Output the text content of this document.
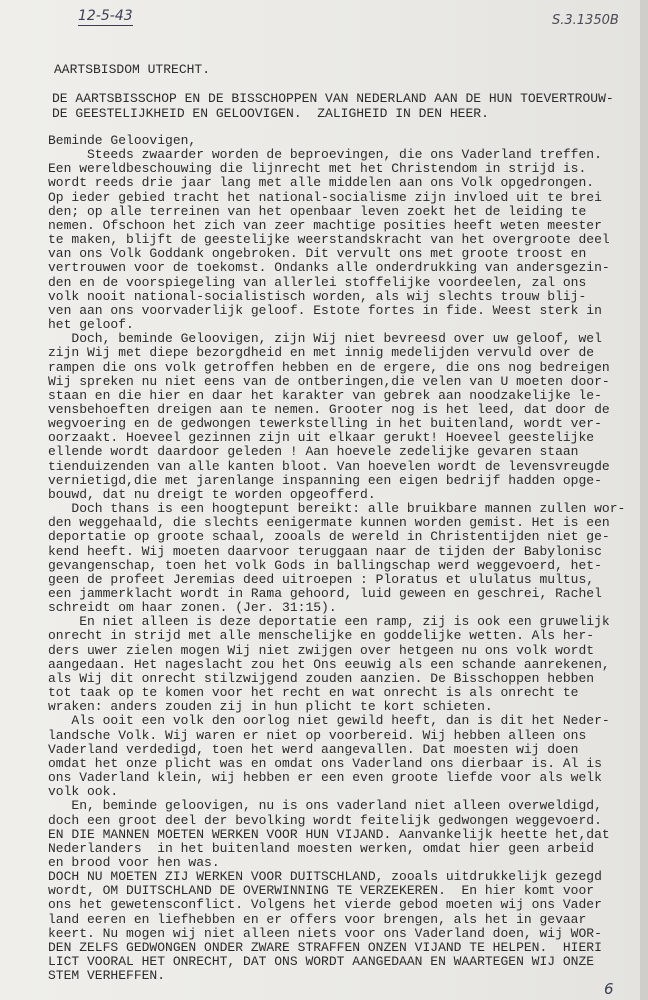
12-5-43	S.3.1350B
AARTSBISDOM UTRECHT.
DE AARTSBISSCHOP EN DE BISSCHOPPEN VAN NEDERLAND AAN DE HUN TOEVERTROUW-
DE GEESTELIJKHEID EN GELOOVIGEN.  ZALIGHEID IN DEN HEER.
Beminde Geloovigen,
Steeds zwaarder worden de beproevingen, die ons Vaderland treffen.
Een wereldbeschouwing die lijnrecht met het Christendom in strijd is.
wordt reeds drie jaar lang met alle middelen aan ons Volk opgedrongen.
Op ieder gebied tracht het national-socialisme zijn invloed uit te brei
den; op alle terreinen van het openbaar leven zoekt het de leiding te
nemen. Ofschoon het zich van zeer machtige posities heeft weten meester
te maken, blijft de geestelijke weerstandskracht van het overgroote deel
van ons Volk Goddank ongebroken. Dit vervult ons met groote troost en
vertrouwen voor de toekomst. Ondanks alle onderdrukking van andersgezin-
den en de voorspiegeling van allerlei stoffelijke voordeelen, zal ons
volk nooit national-socialistisch worden, als wij slechts trouw blij-
ven aan ons voorvaderlijk geloof. Estote fortes in fide. Weest sterk in
het geloof.
Doch, beminde Geloovigen, zijn Wij niet bevreesd over uw geloof, wel
zijn Wij met diepe bezorgdheid en met innig medelijden vervuld over de
rampen die ons volk getroffen hebben en de ergere, die ons nog bedreigen
Wij spreken nu niet eens van de ontberingen,die velen van U moeten door-
staan en die hier en daar het karakter van gebrek aan noodzakelijke le-
vensbehoeften dreigen aan te nemen. Grooter nog is het leed, dat door de
wegvoering en de gedwongen tewerkstelling in het buitenland, wordt ver-
oorzaakt. Hoeveel gezinnen zijn uit elkaar gerukt! Hoeveel geestelijke
ellende wordt daardoor geleden ! Aan hoevele zedelijke gevaren staan
tienduizenden van alle kanten bloot. Van hoevelen wordt de levensvreugde
vernietigd,die met jarenlange inspanning een eigen bedrijf hadden opge-
bouwd, dat nu dreigt te worden opgeofferd.
Doch thans is een hoogtepunt bereikt: alle bruikbare mannen zullen wor-
den weggehaald, die slechts eenigermate kunnen worden gemist. Het is een
deportatie op groote schaal, zooals de wereld in Christentijden niet ge-
kend heeft. Wij moeten daarvoor teruggaan naar de tijden der Babylonisc
gevangenschap, toen het volk Gods in ballingschap werd weggevoerd, het-
geen de profeet Jeremias deed uitroepen : Ploratus et ululatus multus,
een jammerklacht wordt in Rama gehoord, luid geween en geschrei, Rachel
schreidt om haar zonen. (Jer. 31:15).
En niet alleen is deze deportatie een ramp, zij is ook een gruwelijk
onrecht in strijd met alle menschelijke en goddelijke wetten. Als her-
ders uwer zielen mogen Wij niet zwijgen over hetgeen nu ons volk wordt
aangedaan. Het nageslacht zou het Ons eeuwig als een schande aanrekenen,
als Wij dit onrecht stilzwijgend zouden aanzien. De Bisschoppen hebben
tot taak op te komen voor het recht en wat onrecht is als onrecht te
wraken: anders zouden zij in hun plicht te kort schieten.
Als ooit een volk den oorlog niet gewild heeft, dan is dit het Neder-
landsche Volk. Wij waren er niet op voorbereid. Wij hebben alleen ons
Vaderland verdedigd, toen het werd aangevallen. Dat moesten wij doen
omdat het onze plicht was en omdat ons Vaderland ons dierbaar is. Al is
ons Vaderland klein, wij hebben er een even groote liefde voor als welk
volk ook.
En, beminde geloovigen, nu is ons vaderland niet alleen overweldigd,
doch een groot deel der bevolking wordt feitelijk gedwongen weggevoerd.
EN DIE MANNEN MOETEN WERKEN VOOR HUN VIJAND. Aanvankelijk heette het,dat
Nederlanders  in het buitenland moesten werken, omdat hier geen arbeid
en brood voor hen was.
DOCH NU MOETEN ZIJ WERKEN VOOR DUITSCHLAND, zooals uitdrukkelijk gezegd
wordt, OM DUITSCHLAND DE OVERWINNING TE VERZEKEREN.  En hier komt voor
ons het gewetensconflict. Volgens het vierde gebod moeten wij ons Vader
land eeren en liefhebben en er offers voor brengen, als het in gevaar
keert. Nu mogen wij niet alleen niets voor ons Vaderland doen, wij WOR-
DEN ZELFS GEDWONGEN ONDER ZWARE STRAFFEN ONZEN VIJAND TE HELPEN.  HIERI
LICT VOORAL HET ONRECHT, DAT ONS WORDT AANGEDAAN EN WAARTEGEN WIJ ONZE
STEM VERHEFFEN.
6
